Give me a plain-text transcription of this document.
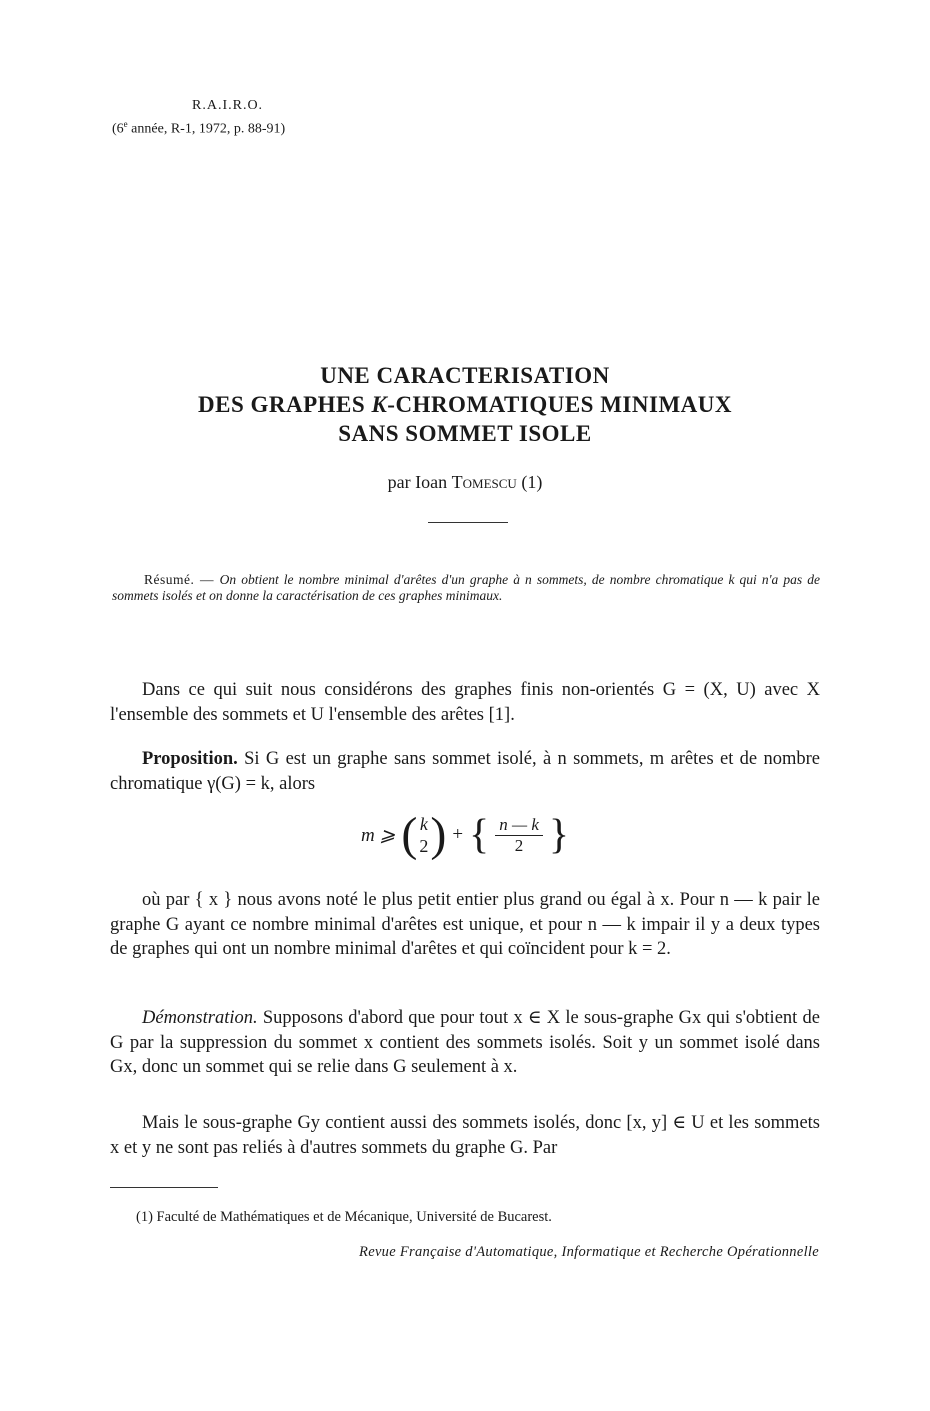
R.A.I.R.O.
(6e année, R-1, 1972, p. 88-91)
UNE CARACTERISATION
DES GRAPHES K-CHROMATIQUES MINIMAUX
SANS SOMMET ISOLE
par Ioan Tomescu (1)
Résumé. — On obtient le nombre minimal d'arêtes d'un graphe à n sommets, de nombre chromatique k qui n'a pas de sommets isolés et on donne la caractérisation de ces graphes minimaux.
Dans ce qui suit nous considérons des graphes finis non-orientés G = (X, U) avec X l'ensemble des sommets et U l'ensemble des arêtes [1].
Proposition. Si G est un graphe sans sommet isolé, à n sommets, m arêtes et de nombre chromatique γ(G) = k, alors
m ⩾ ( k
2 ) + { $\frac{n — k}{2}$ }
où par { x } nous avons noté le plus petit entier plus grand ou égal à x. Pour n — k pair le graphe G ayant ce nombre minimal d'arêtes est unique, et pour n — k impair il y a deux types de graphes qui ont un nombre minimal d'arêtes et qui coïncident pour k = 2.
Démonstration. Supposons d'abord que pour tout x ∈ X le sous-graphe Gx qui s'obtient de G par la suppression du sommet x contient des sommets isolés. Soit y un sommet isolé dans Gx, donc un sommet qui se relie dans G seulement à x.
Mais le sous-graphe Gy contient aussi des sommets isolés, donc [x, y] ∈ U et les sommets x et y ne sont pas reliés à d'autres sommets du graphe G. Par
(1) Faculté de Mathématiques et de Mécanique, Université de Bucarest.
Revue Française d'Automatique, Informatique et Recherche Opérationnelle
